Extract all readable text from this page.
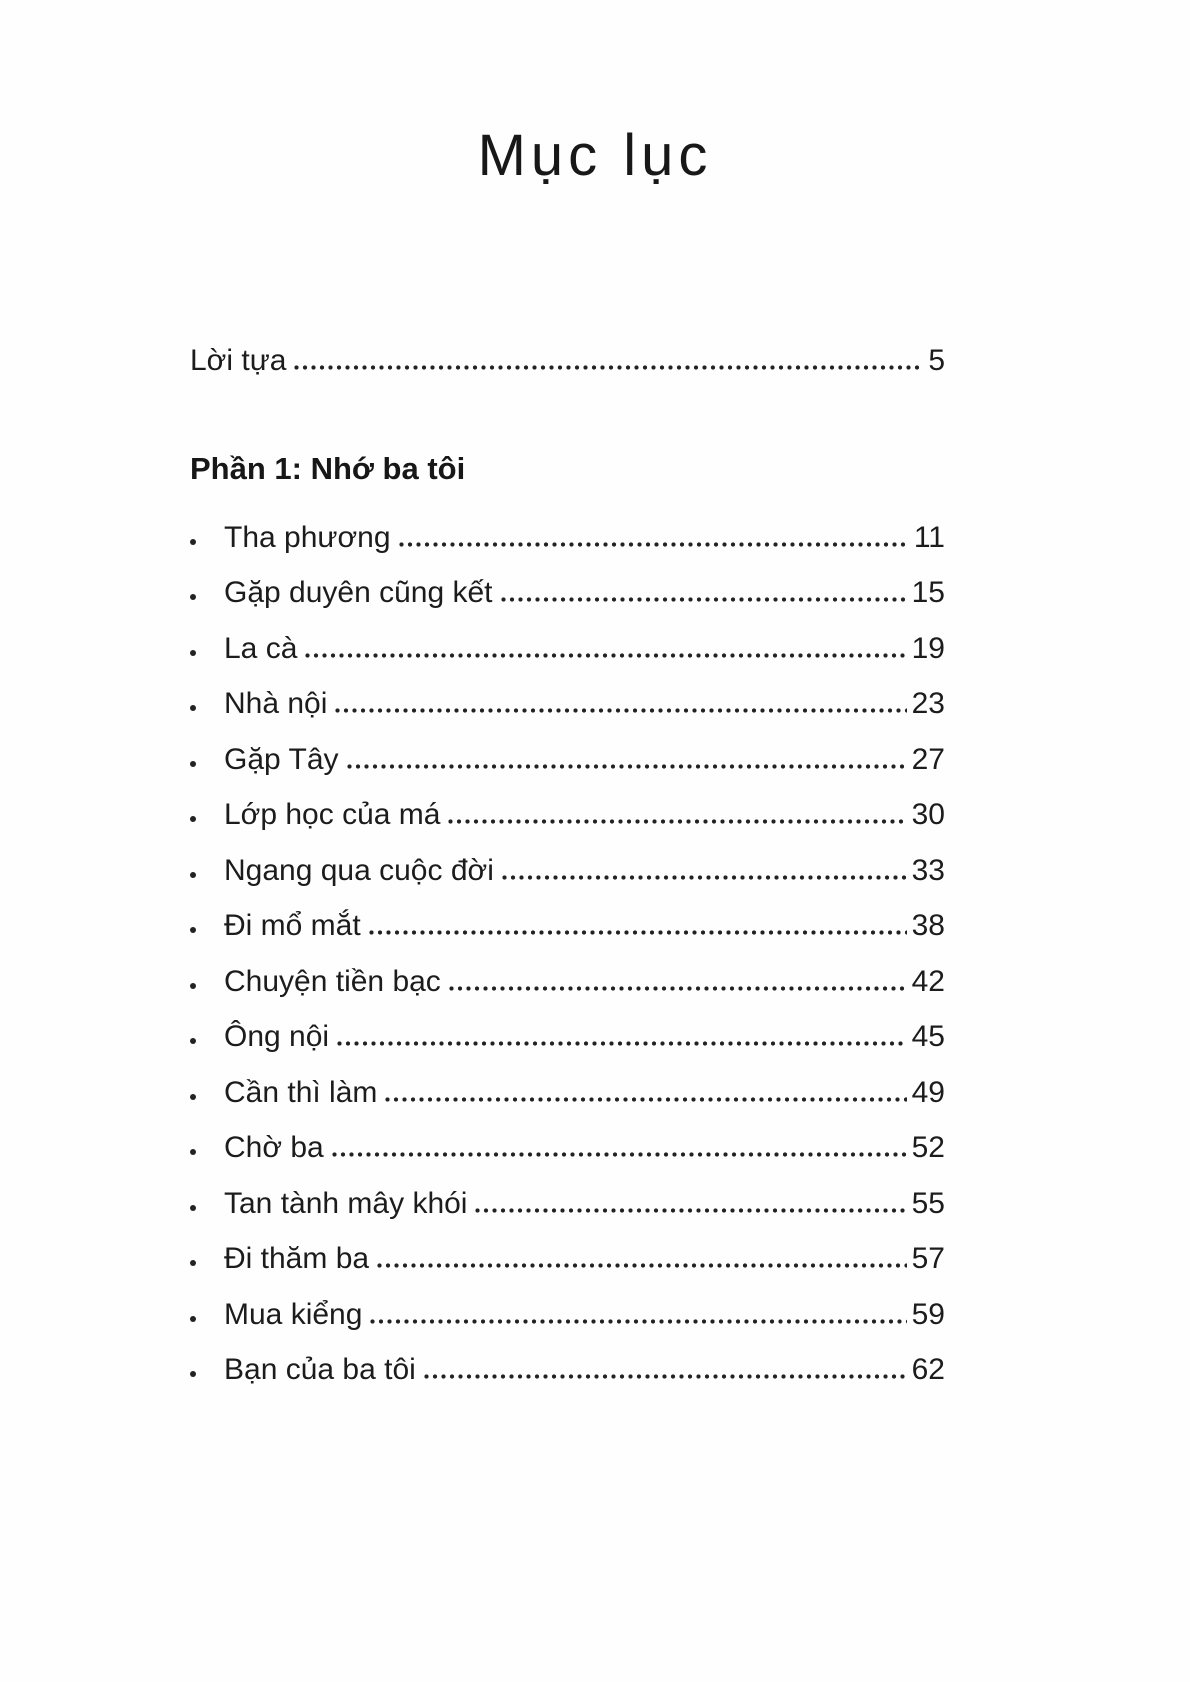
Mục lục
Lời tựa	5
Phần 1: Nhớ ba tôi
Tha phương	11
Gặp duyên cũng kết	15
La cà	19
Nhà nội	23
Gặp Tây	27
Lớp học của má	30
Ngang qua cuộc đời	33
Đi mổ mắt	38
Chuyện tiền bạc	42
Ông nội	45
Cần thì làm	49
Chờ ba	52
Tan tành mây khói	55
Đi thăm ba	57
Mua kiểng	59
Bạn của ba tôi	62
